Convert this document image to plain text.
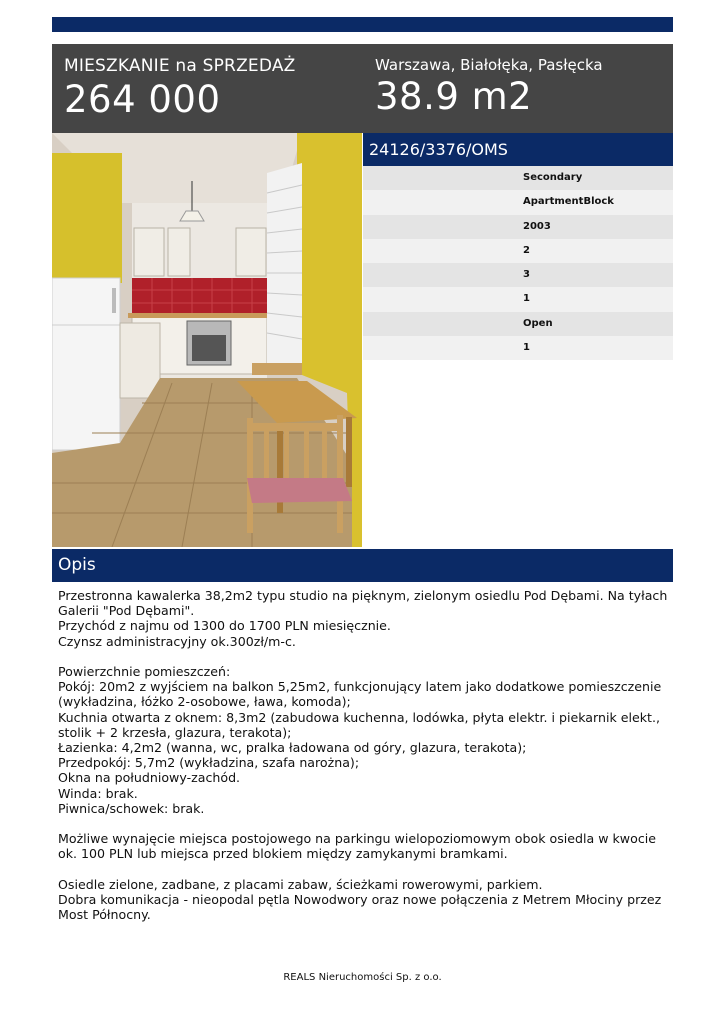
MIESZKANIE na SPRZEDAŻ
264 000
Warszawa, Białołęka, Pasłęcka
38.9 m2
24126/3376/OMS
Secondary
ApartmentBlock
2003
2
3
1
Open
1
Opis

Przestronna kawalerka 38,2m2 typu studio na pięknym, zielonym osiedlu Pod Dębami. Na tyłach Galerii "Pod Dębami".

Przychód z najmu od 1300 do 1700 PLN miesięcznie.

Czynsz administracyjny ok.300zł/m-c.

Powierzchnie pomieszczeń:

Pokój: 20m2 z wyjściem na balkon 5,25m2, funkcjonujący latem jako dodatkowe pomieszczenie (wykładzina, łóżko 2-osobowe, ława, komoda);

Kuchnia otwarta z oknem: 8,3m2 (zabudowa kuchenna, lodówka, płyta elektr. i piekarnik elekt., stolik + 2 krzesła, glazura, terakota);

Łazienka: 4,2m2 (wanna, wc, pralka ładowana od góry, glazura, terakota);

Przedpokój: 5,7m2 (wykładzina, szafa narożna);

Okna na południowy-zachód.

Winda: brak.

Piwnica/schowek: brak.

Możliwe wynajęcie miejsca postojowego na parkingu wielopoziomowym obok osiedla w kwocie ok. 100 PLN lub miejsca przed blokiem między zamykanymi bramkami.

Osiedle zielone, zadbane, z placami zabaw, ścieżkami rowerowymi, parkiem.

Dobra komunikacja - nieopodal pętla Nowodwory oraz nowe połączenia z Metrem Młociny przez Most Północny.

REALS Nieruchomości Sp. z o.o.
